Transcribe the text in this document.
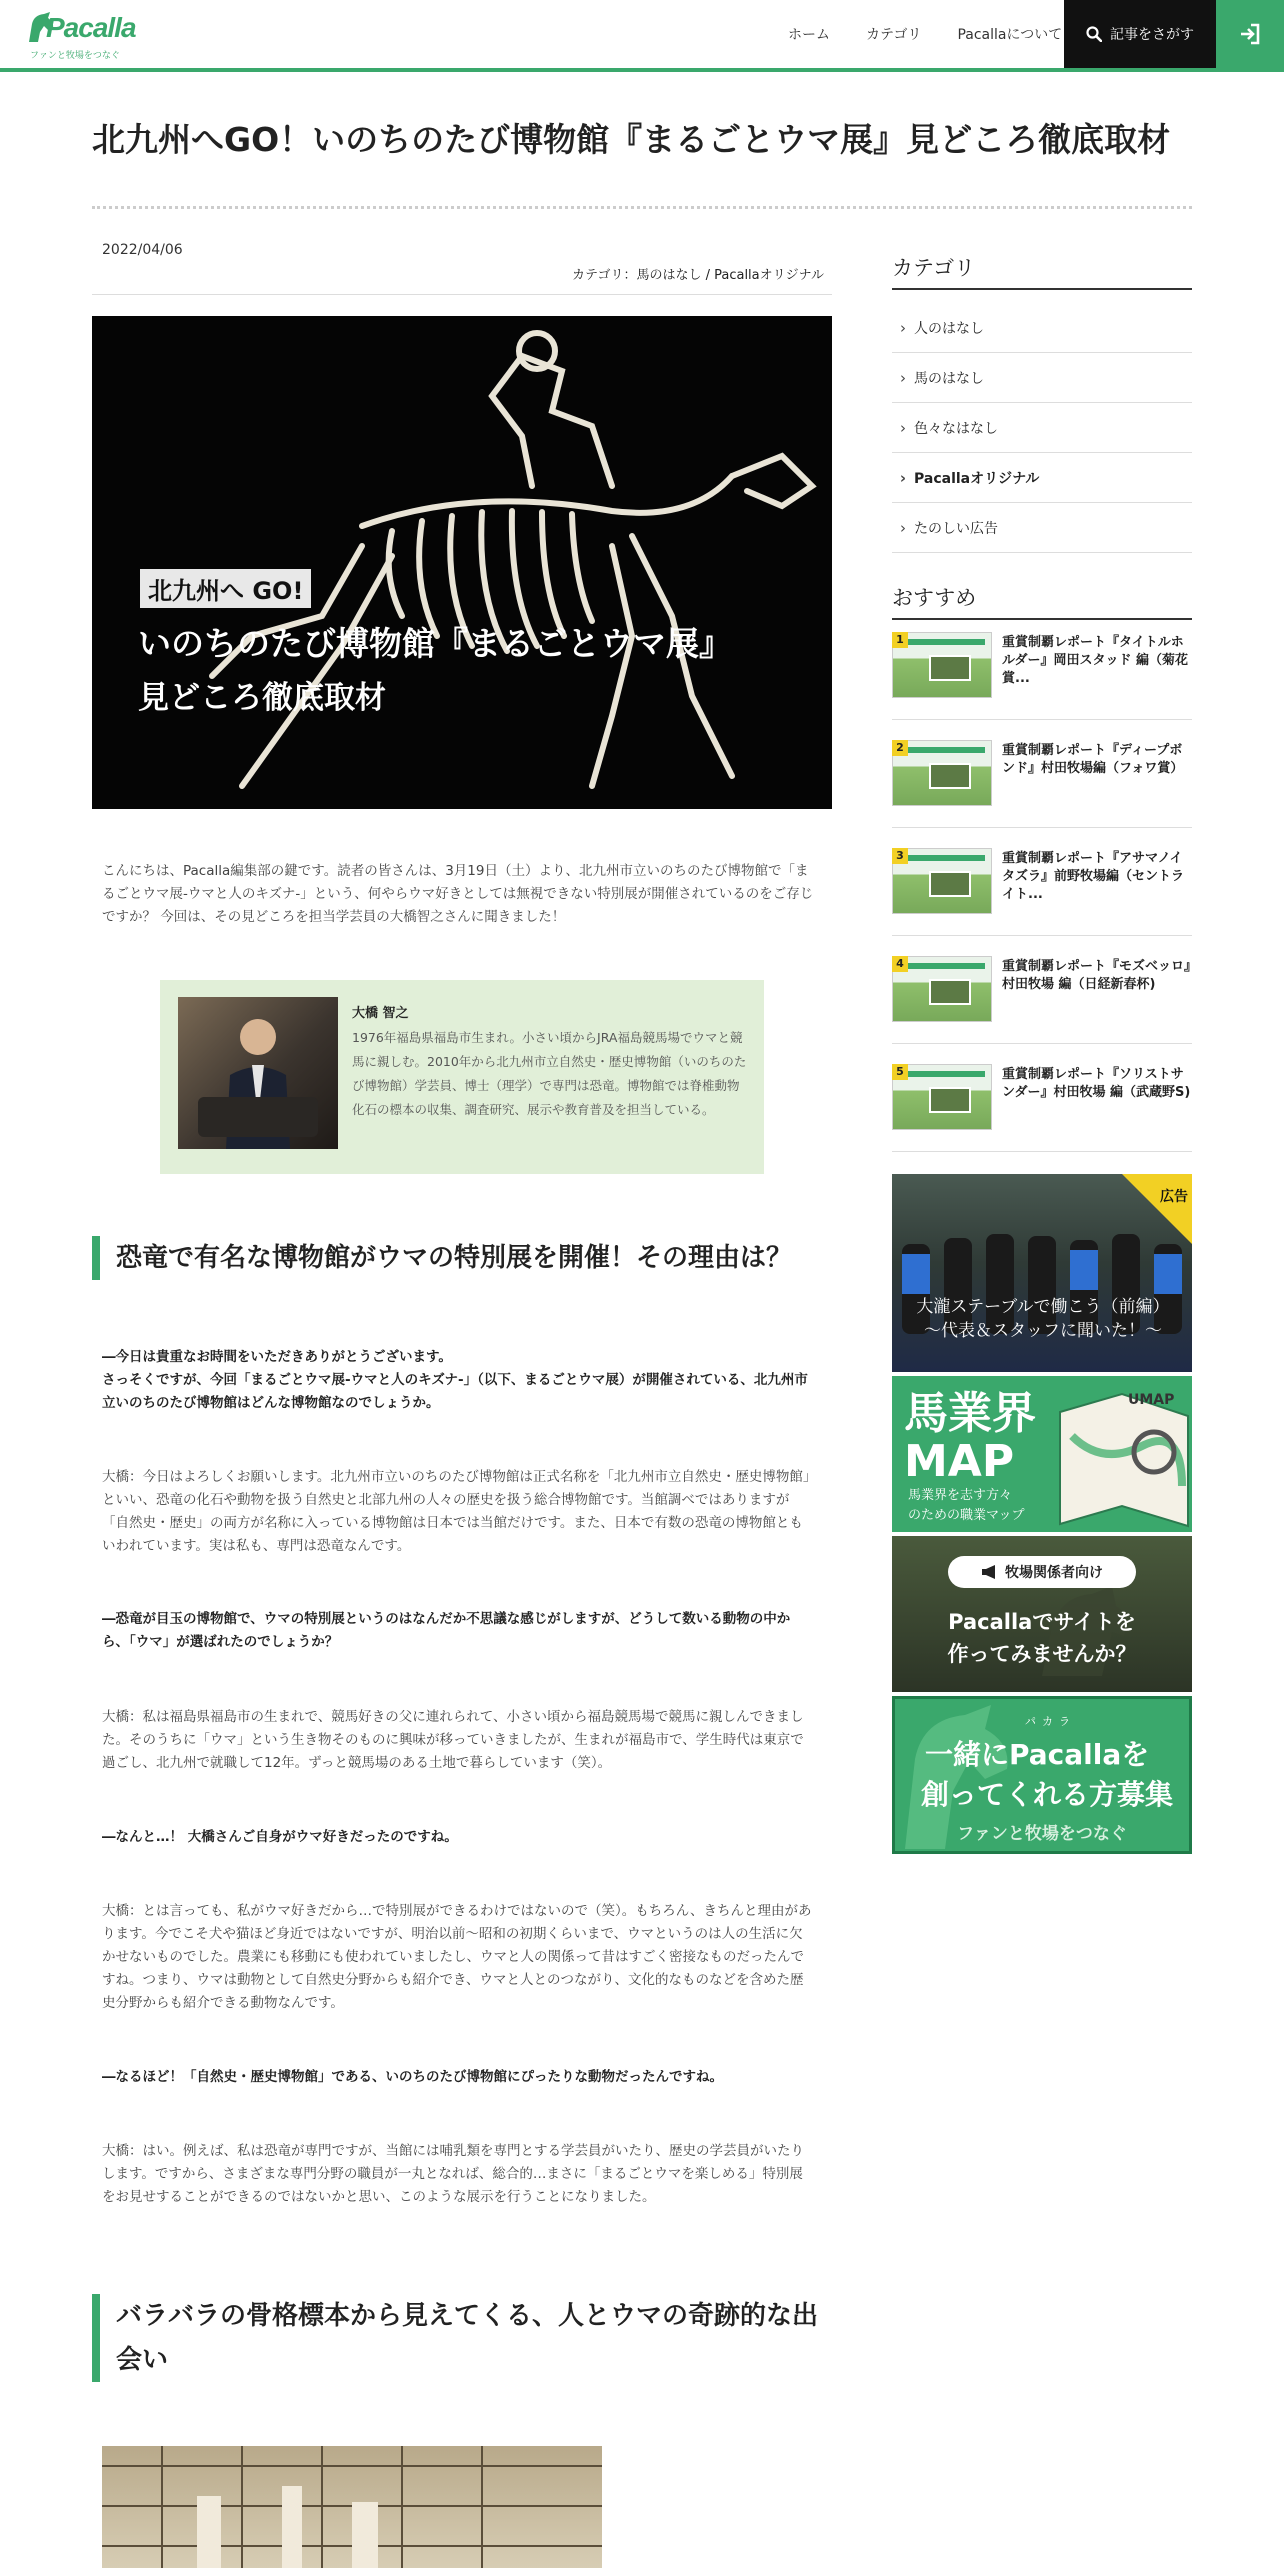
Pacalla
ファンと牧場をつなぐ
ホーム	カテゴリ	Pacallaについて	記事をさがす
北九州へGO！いのちのたび博物館『まるごとウマ展』見どころ徹底取材
2022/04/06
カテゴリ：馬のはなし / Pacallaオリジナル
北九州へ GO!
いのちのたび博物館『まるごとウマ展』
見どころ徹底取材

こんにちは、Pacalla編集部の鍵です。読者の皆さんは、3月19日（土）より、北九州市立いのちのたび博物館で「まるごとウマ展-ウマと人のキズナ-」という、何やらウマ好きとしては無視できない特別展が開催されているのをご存じですか？ 今回は、その見どころを担当学芸員の大橋智之さんに聞きました！

大橋 智之
1976年福島県福島市生まれ。小さい頃からJRA福島競馬場でウマと競馬に親しむ。2010年から北九州市立自然史・歴史博物館（いのちのたび博物館）学芸員、博士（理学）で専門は恐竜。博物館では脊椎動物化石の標本の収集、調査研究、展示や教育普及を担当している。
恐竜で有名な博物館がウマの特別展を開催！その理由は？

―今日は貴重なお時間をいただきありがとうございます。
さっそくですが、今回「まるごとウマ展-ウマと人のキズナ-」（以下、まるごとウマ展）が開催されている、北九州市立いのちのたび博物館はどんな博物館なのでしょうか。

大橋：今日はよろしくお願いします。北九州市立いのちのたび博物館は正式名称を「北九州市立自然史・歴史博物館」といい、恐竜の化石や動物を扱う自然史と北部九州の人々の歴史を扱う総合博物館です。当館調べではありますが「自然史・歴史」の両方が名称に入っている博物館は日本では当館だけです。また、日本で有数の恐竜の博物館ともいわれています。実は私も、専門は恐竜なんです。

―恐竜が目玉の博物館で、ウマの特別展というのはなんだか不思議な感じがしますが、どうして数いる動物の中から、「ウマ」が選ばれたのでしょうか？

大橋：私は福島県福島市の生まれで、競馬好きの父に連れられて、小さい頃から福島競馬場で競馬に親しんできました。そのうちに「ウマ」という生き物そのものに興味が移っていきましたが、生まれが福島市で、学生時代は東京で過ごし、北九州で就職して12年。ずっと競馬場のある土地で暮らしています（笑）。

―なんと…！ 大橋さんご自身がウマ好きだったのですね。

大橋：とは言っても、私がウマ好きだから…で特別展ができるわけではないので（笑）。もちろん、きちんと理由があります。今でこそ犬や猫ほど身近ではないですが、明治以前～昭和の初期くらいまで、ウマというのは人の生活に欠かせないものでした。農業にも移動にも使われていましたし、ウマと人の関係って昔はすごく密接なものだったんですね。つまり、ウマは動物として自然史分野からも紹介でき、ウマと人とのつながり、文化的なものなどを含めた歴史分野からも紹介できる動物なんです。

―なるほど！「自然史・歴史博物館」である、いのちのたび博物館にぴったりな動物だったんですね。

大橋：はい。例えば、私は恐竜が専門ですが、当館には哺乳類を専門とする学芸員がいたり、歴史の学芸員がいたりします。ですから、さまざまな専門分野の職員が一丸となれば、総合的…まさに「まるごとウマを楽しめる」特別展をお見せすることができるのではないかと思い、このような展示を行うことになりました。

バラバラの骨格標本から見えてくる、人とウマの奇跡的な出会い
カテゴリ
› 人のはなし
› 馬のはなし
› 色々なはなし
› Pacallaオリジナル
› たのしい広告
おすすめ
1	重賞制覇レポート『タイトルホルダー』岡田スタッド 編（菊花賞...
2	重賞制覇レポート『ディープボンド』村田牧場編（フォワ賞）
3	重賞制覇レポート『アサマノイタズラ』前野牧場編（セントライト...
4	重賞制覇レポート『モズベッロ』村田牧場 編（日経新春杯)
5	重賞制覇レポート『ソリストサンダー』村田牧場 編（武蔵野S)
広告
大瀧ステーブルで働こう（前編）
～代表＆スタッフに聞いた！～
馬業界 MAP
UMAP
馬業界を志す方々
のための職業マップ
牧場関係者向け
Pacallaでサイトを
作ってみませんか？
パカラ
一緒にPacallaを
創ってくれる方募集
ファンと牧場をつなぐ
